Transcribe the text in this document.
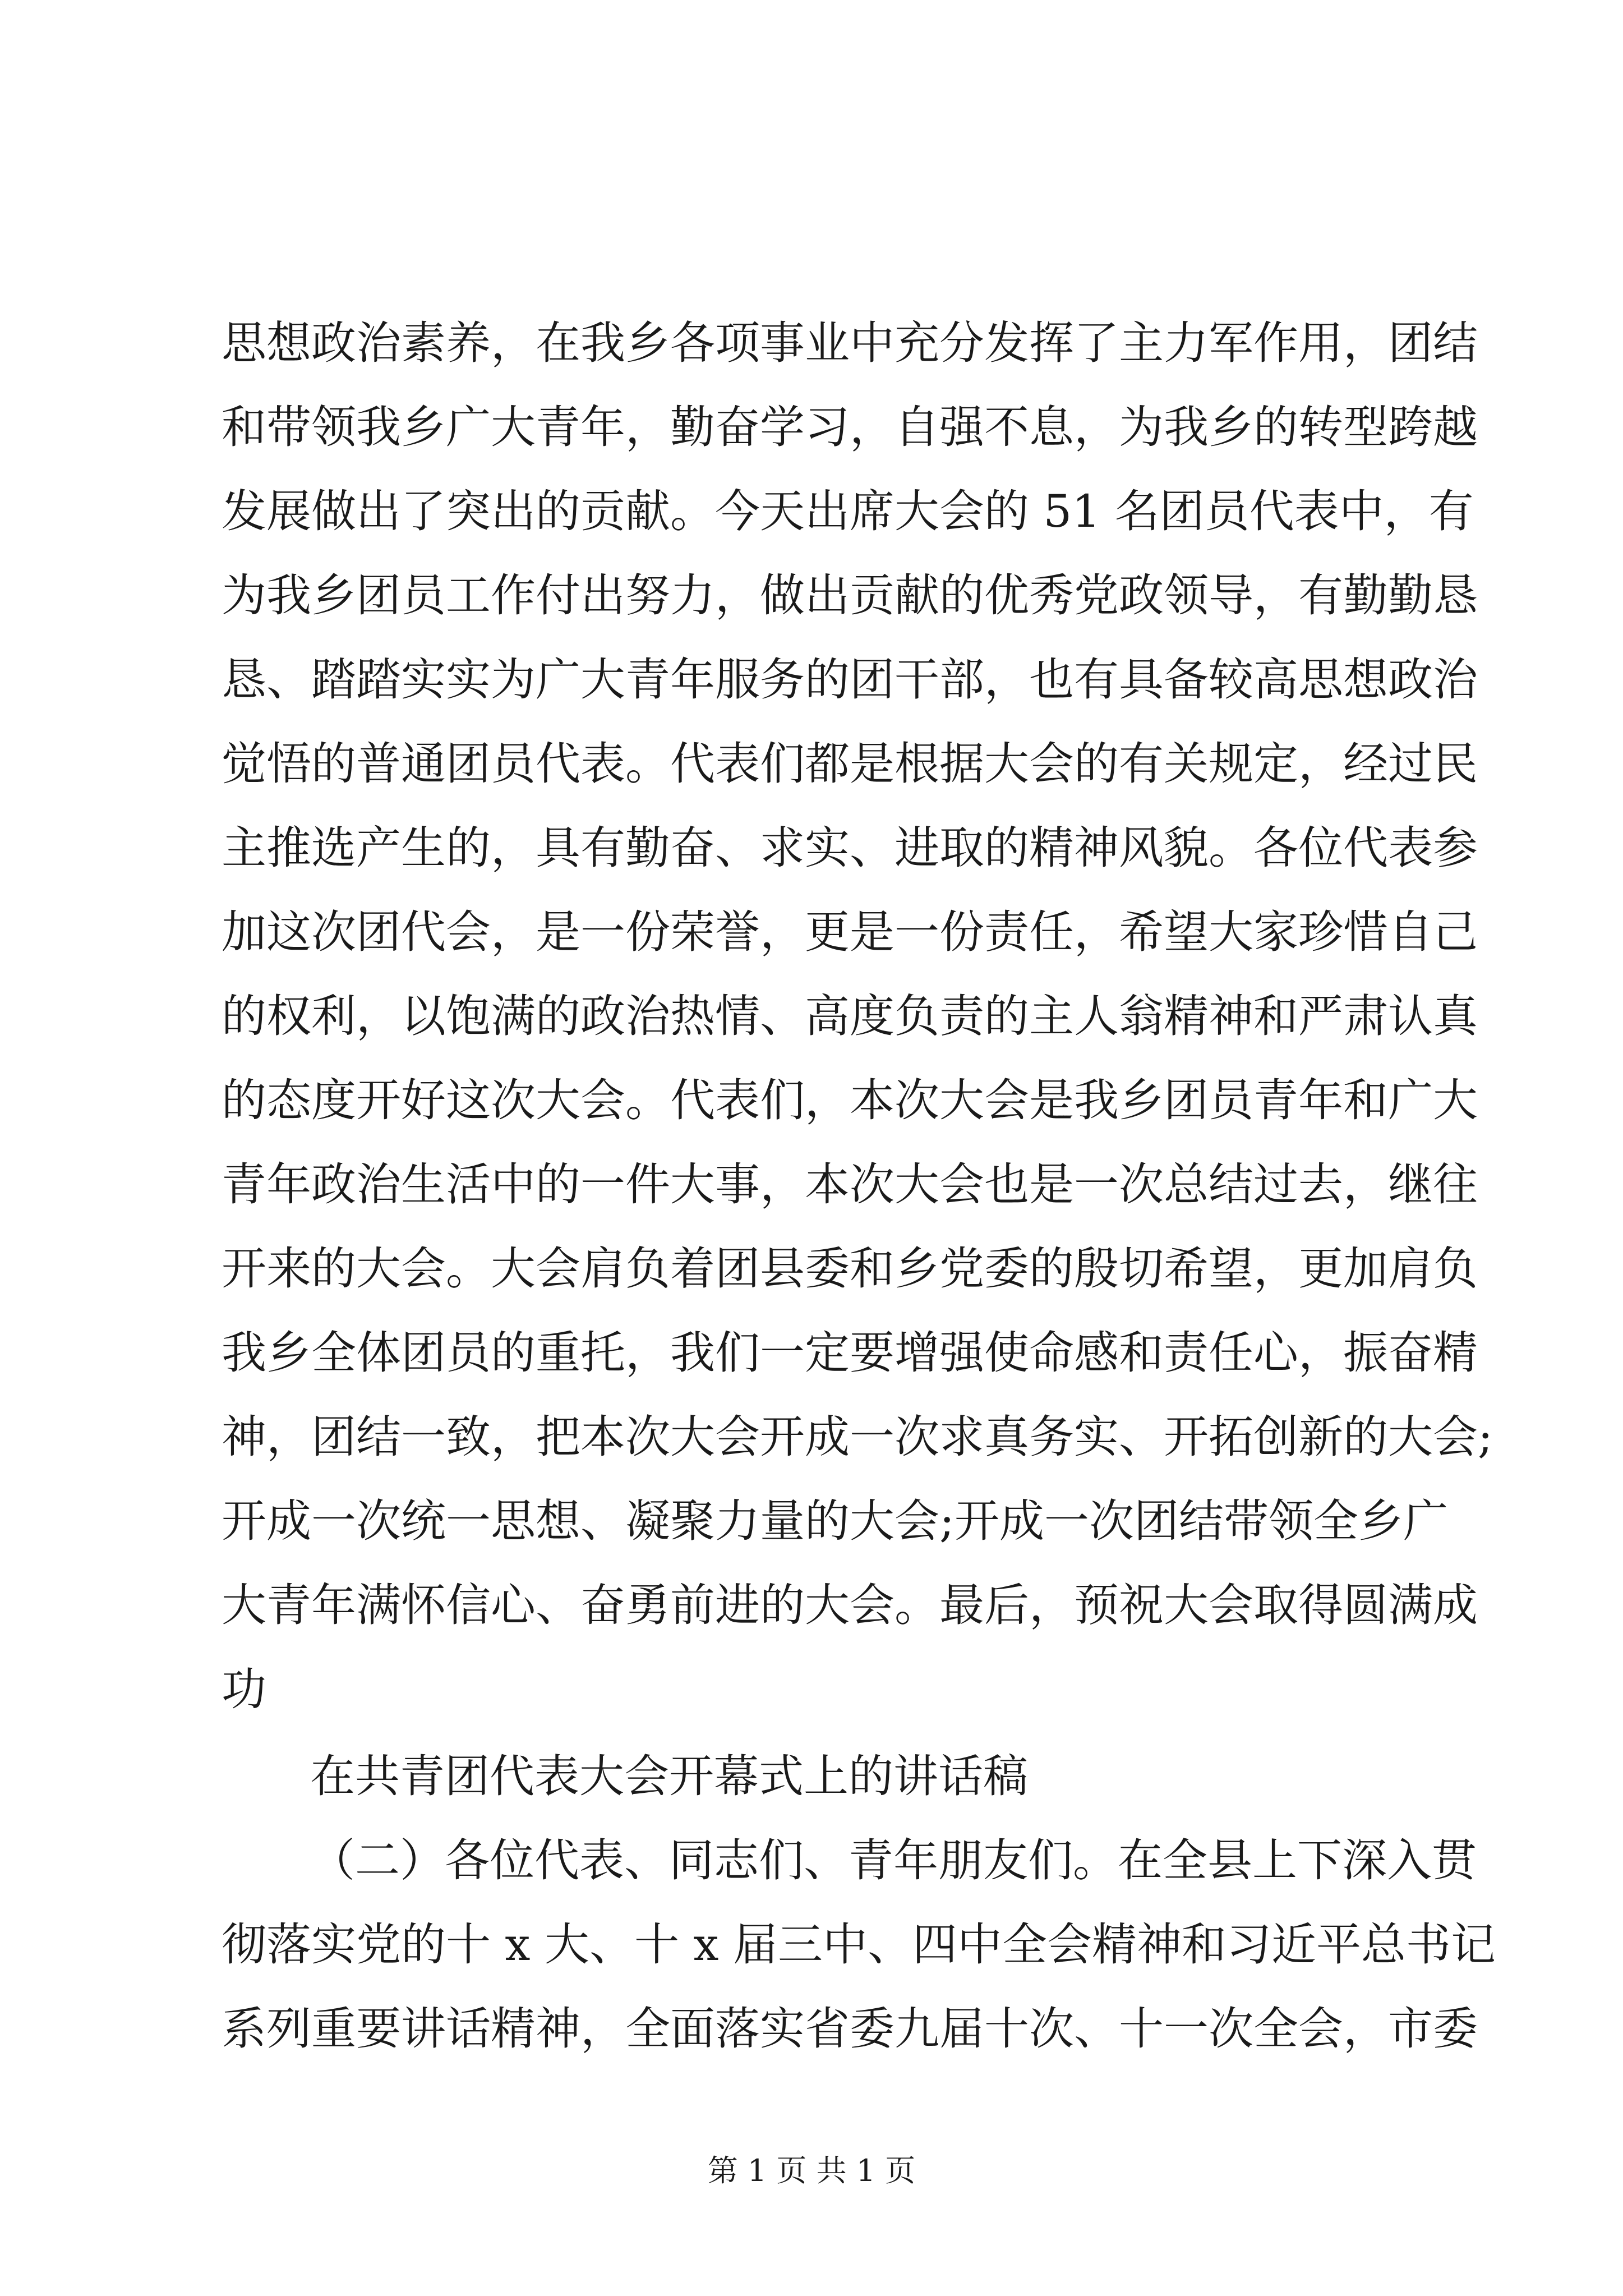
思想政治素养，在我乡各项事业中充分发挥了主力军作用，团结
和带领我乡广大青年，勤奋学习，自强不息，为我乡的转型跨越
发展做出了突出的贡献。今天出席大会的 51 名团员代表中，有
为我乡团员工作付出努力，做出贡献的优秀党政领导，有勤勤恳
恳、踏踏实实为广大青年服务的团干部，也有具备较高思想政治
觉悟的普通团员代表。代表们都是根据大会的有关规定，经过民
主推选产生的，具有勤奋、求实、进取的精神风貌。各位代表参
加这次团代会，是一份荣誉，更是一份责任，希望大家珍惜自己
的权利，以饱满的政治热情、高度负责的主人翁精神和严肃认真
的态度开好这次大会。代表们，本次大会是我乡团员青年和广大
青年政治生活中的一件大事，本次大会也是一次总结过去，继往
开来的大会。大会肩负着团县委和乡党委的殷切希望，更加肩负
我乡全体团员的重托，我们一定要增强使命感和责任心，振奋精
神，团结一致，把本次大会开成一次求真务实、开拓创新的大会;
开成一次统一思想、凝聚力量的大会;开成一次团结带领全乡广
大青年满怀信心、奋勇前进的大会。最后，预祝大会取得圆满成
功
在共青团代表大会开幕式上的讲话稿
（二）各位代表、同志们、青年朋友们。在全县上下深入贯
彻落实党的十 x 大、十 x 届三中、四中全会精神和习近平总书记
系列重要讲话精神，全面落实省委九届十次、十一次全会，市委
第 1 页 共 1 页
